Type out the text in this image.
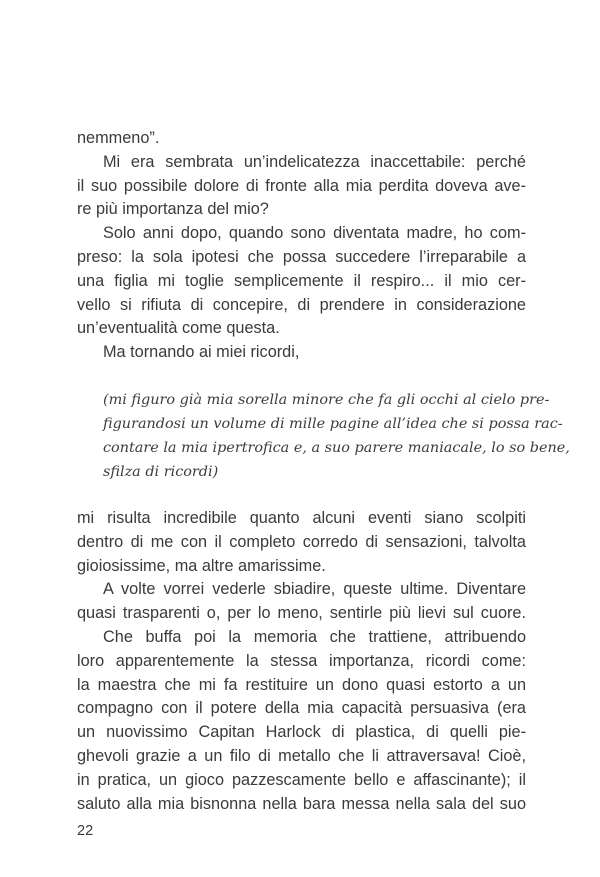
nemmeno”.
Mi era sembrata un’indelicatezza inaccettabile: perché
il suo possibile dolore di fronte alla mia perdita doveva ave-
re più importanza del mio?
Solo anni dopo, quando sono diventata madre, ho com-
preso: la sola ipotesi che possa succedere l’irreparabile a
una figlia mi toglie semplicemente il respiro... il mio cer-
vello si rifiuta di concepire, di prendere in considerazione
un’eventualità come questa.
Ma tornando ai miei ricordi,
(mi figuro già mia sorella minore che fa gli occhi al cielo pre-
figurandosi un volume di mille pagine all’idea che si possa rac-
contare la mia ipertrofica e, a suo parere maniacale, lo so bene,
sfilza di ricordi)
mi risulta incredibile quanto alcuni eventi siano scolpiti
dentro di me con il completo corredo di sensazioni, talvolta
gioiosissime, ma altre amarissime.
A volte vorrei vederle sbiadire, queste ultime. Diventare
quasi trasparenti o, per lo meno, sentirle più lievi sul cuore.
Che buffa poi la memoria che trattiene, attribuendo
loro apparentemente la stessa importanza, ricordi come:
la maestra che mi fa restituire un dono quasi estorto a un
compagno con il potere della mia capacità persuasiva (era
un nuovissimo Capitan Harlock di plastica, di quelli pie-
ghevoli grazie a un filo di metallo che li attraversava! Cioè,
in pratica, un gioco pazzescamente bello e affascinante); il
saluto alla mia bisnonna nella bara messa nella sala del suo
22
